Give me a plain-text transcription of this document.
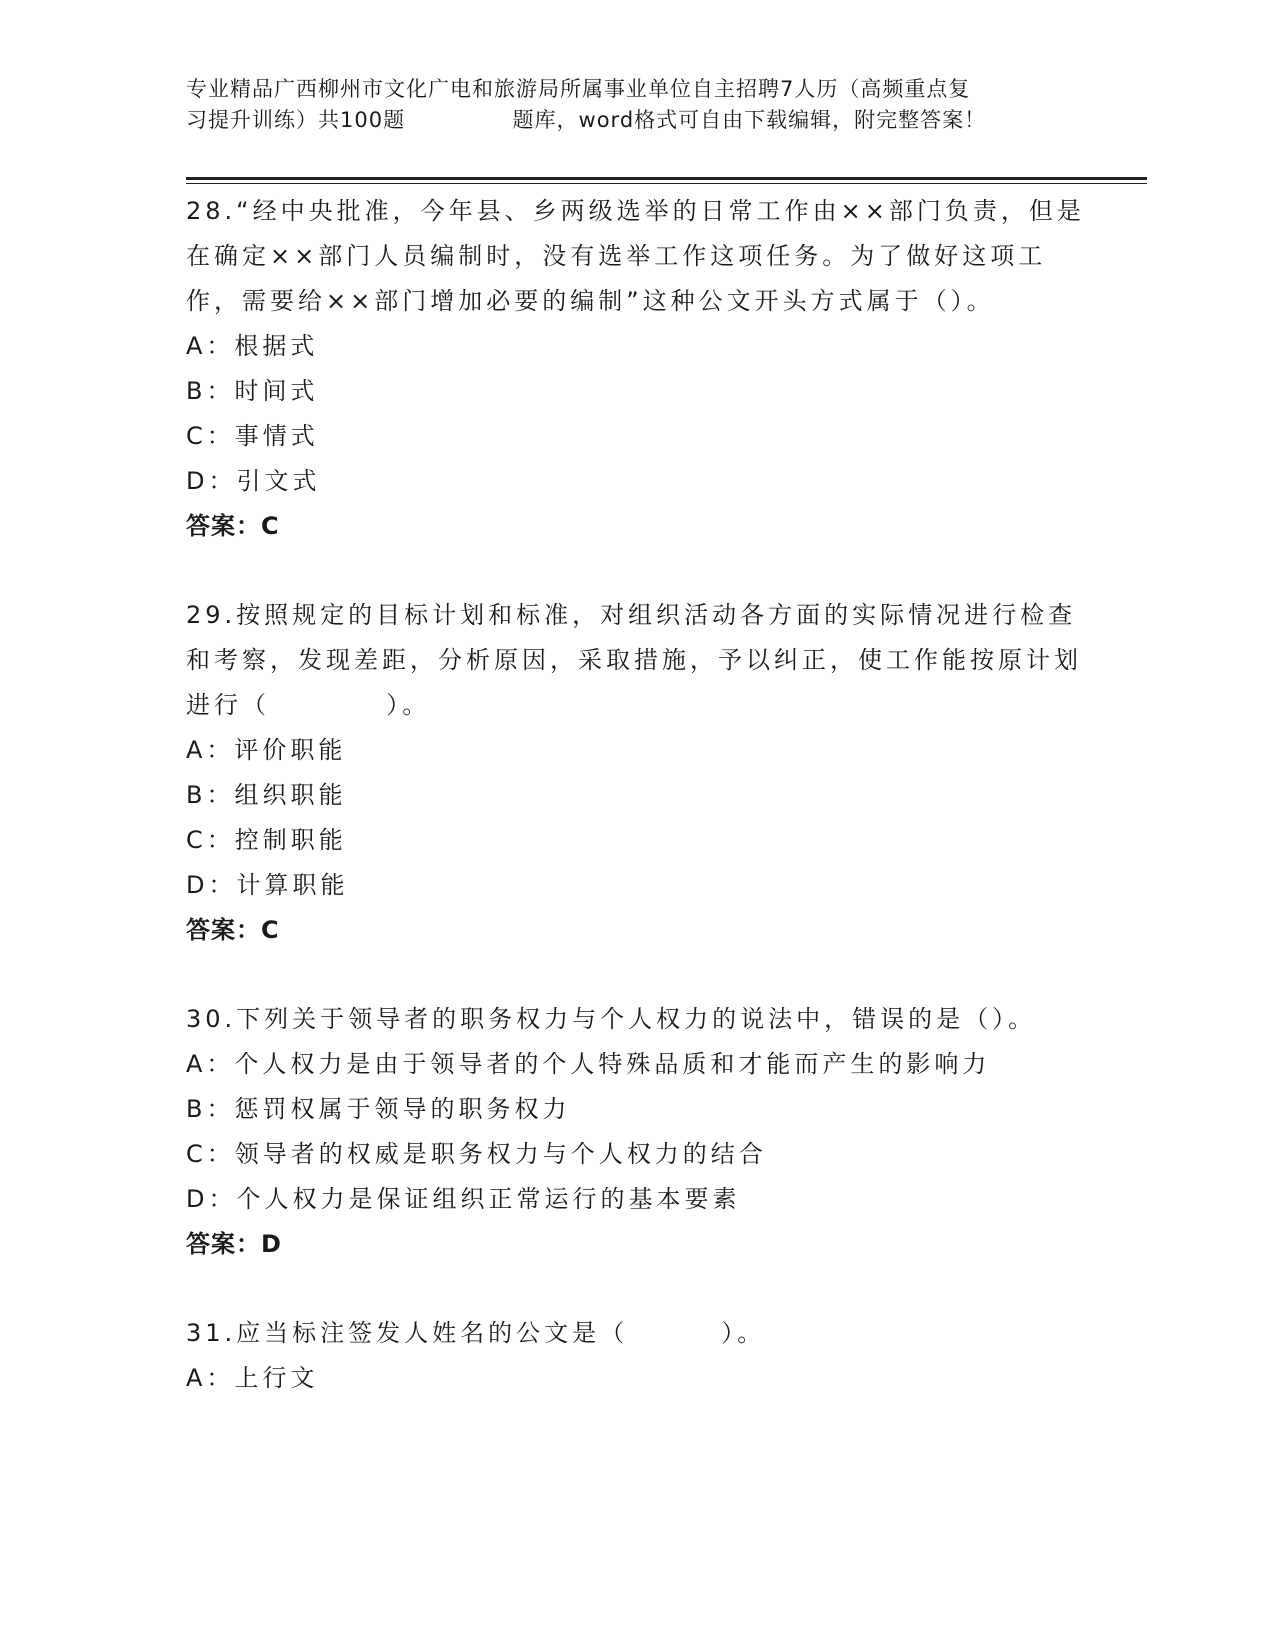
专业精品广西柳州市文化广电和旅游局所属事业单位自主招聘7人历（高频重点复
习提升训练）共100题              题库，word格式可自由下载编辑，附完整答案！
28.“经中央批准，今年县、乡两级选举的日常工作由××部门负责，但是在确定××部门人员编制时，没有选举工作这项任务。为了做好这项工作，需要给××部门增加必要的编制”这种公文开头方式属于（）。
A：根据式
B：时间式
C：事情式
D：引文式
答案：C
29.按照规定的目标计划和标准，对组织活动各方面的实际情况进行检查和考察，发现差距，分析原因，采取措施，予以纠正，使工作能按原计划进行（          ）。
A：评价职能
B：组织职能
C：控制职能
D：计算职能
答案：C
30.下列关于领导者的职务权力与个人权力的说法中，错误的是（）。
A：个人权力是由于领导者的个人特殊品质和才能而产生的影响力
B：惩罚权属于领导的职务权力
C：领导者的权威是职务权力与个人权力的结合
D：个人权力是保证组织正常运行的基本要素
答案：D
31.应当标注签发人姓名的公文是（        ）。
A：上行文
